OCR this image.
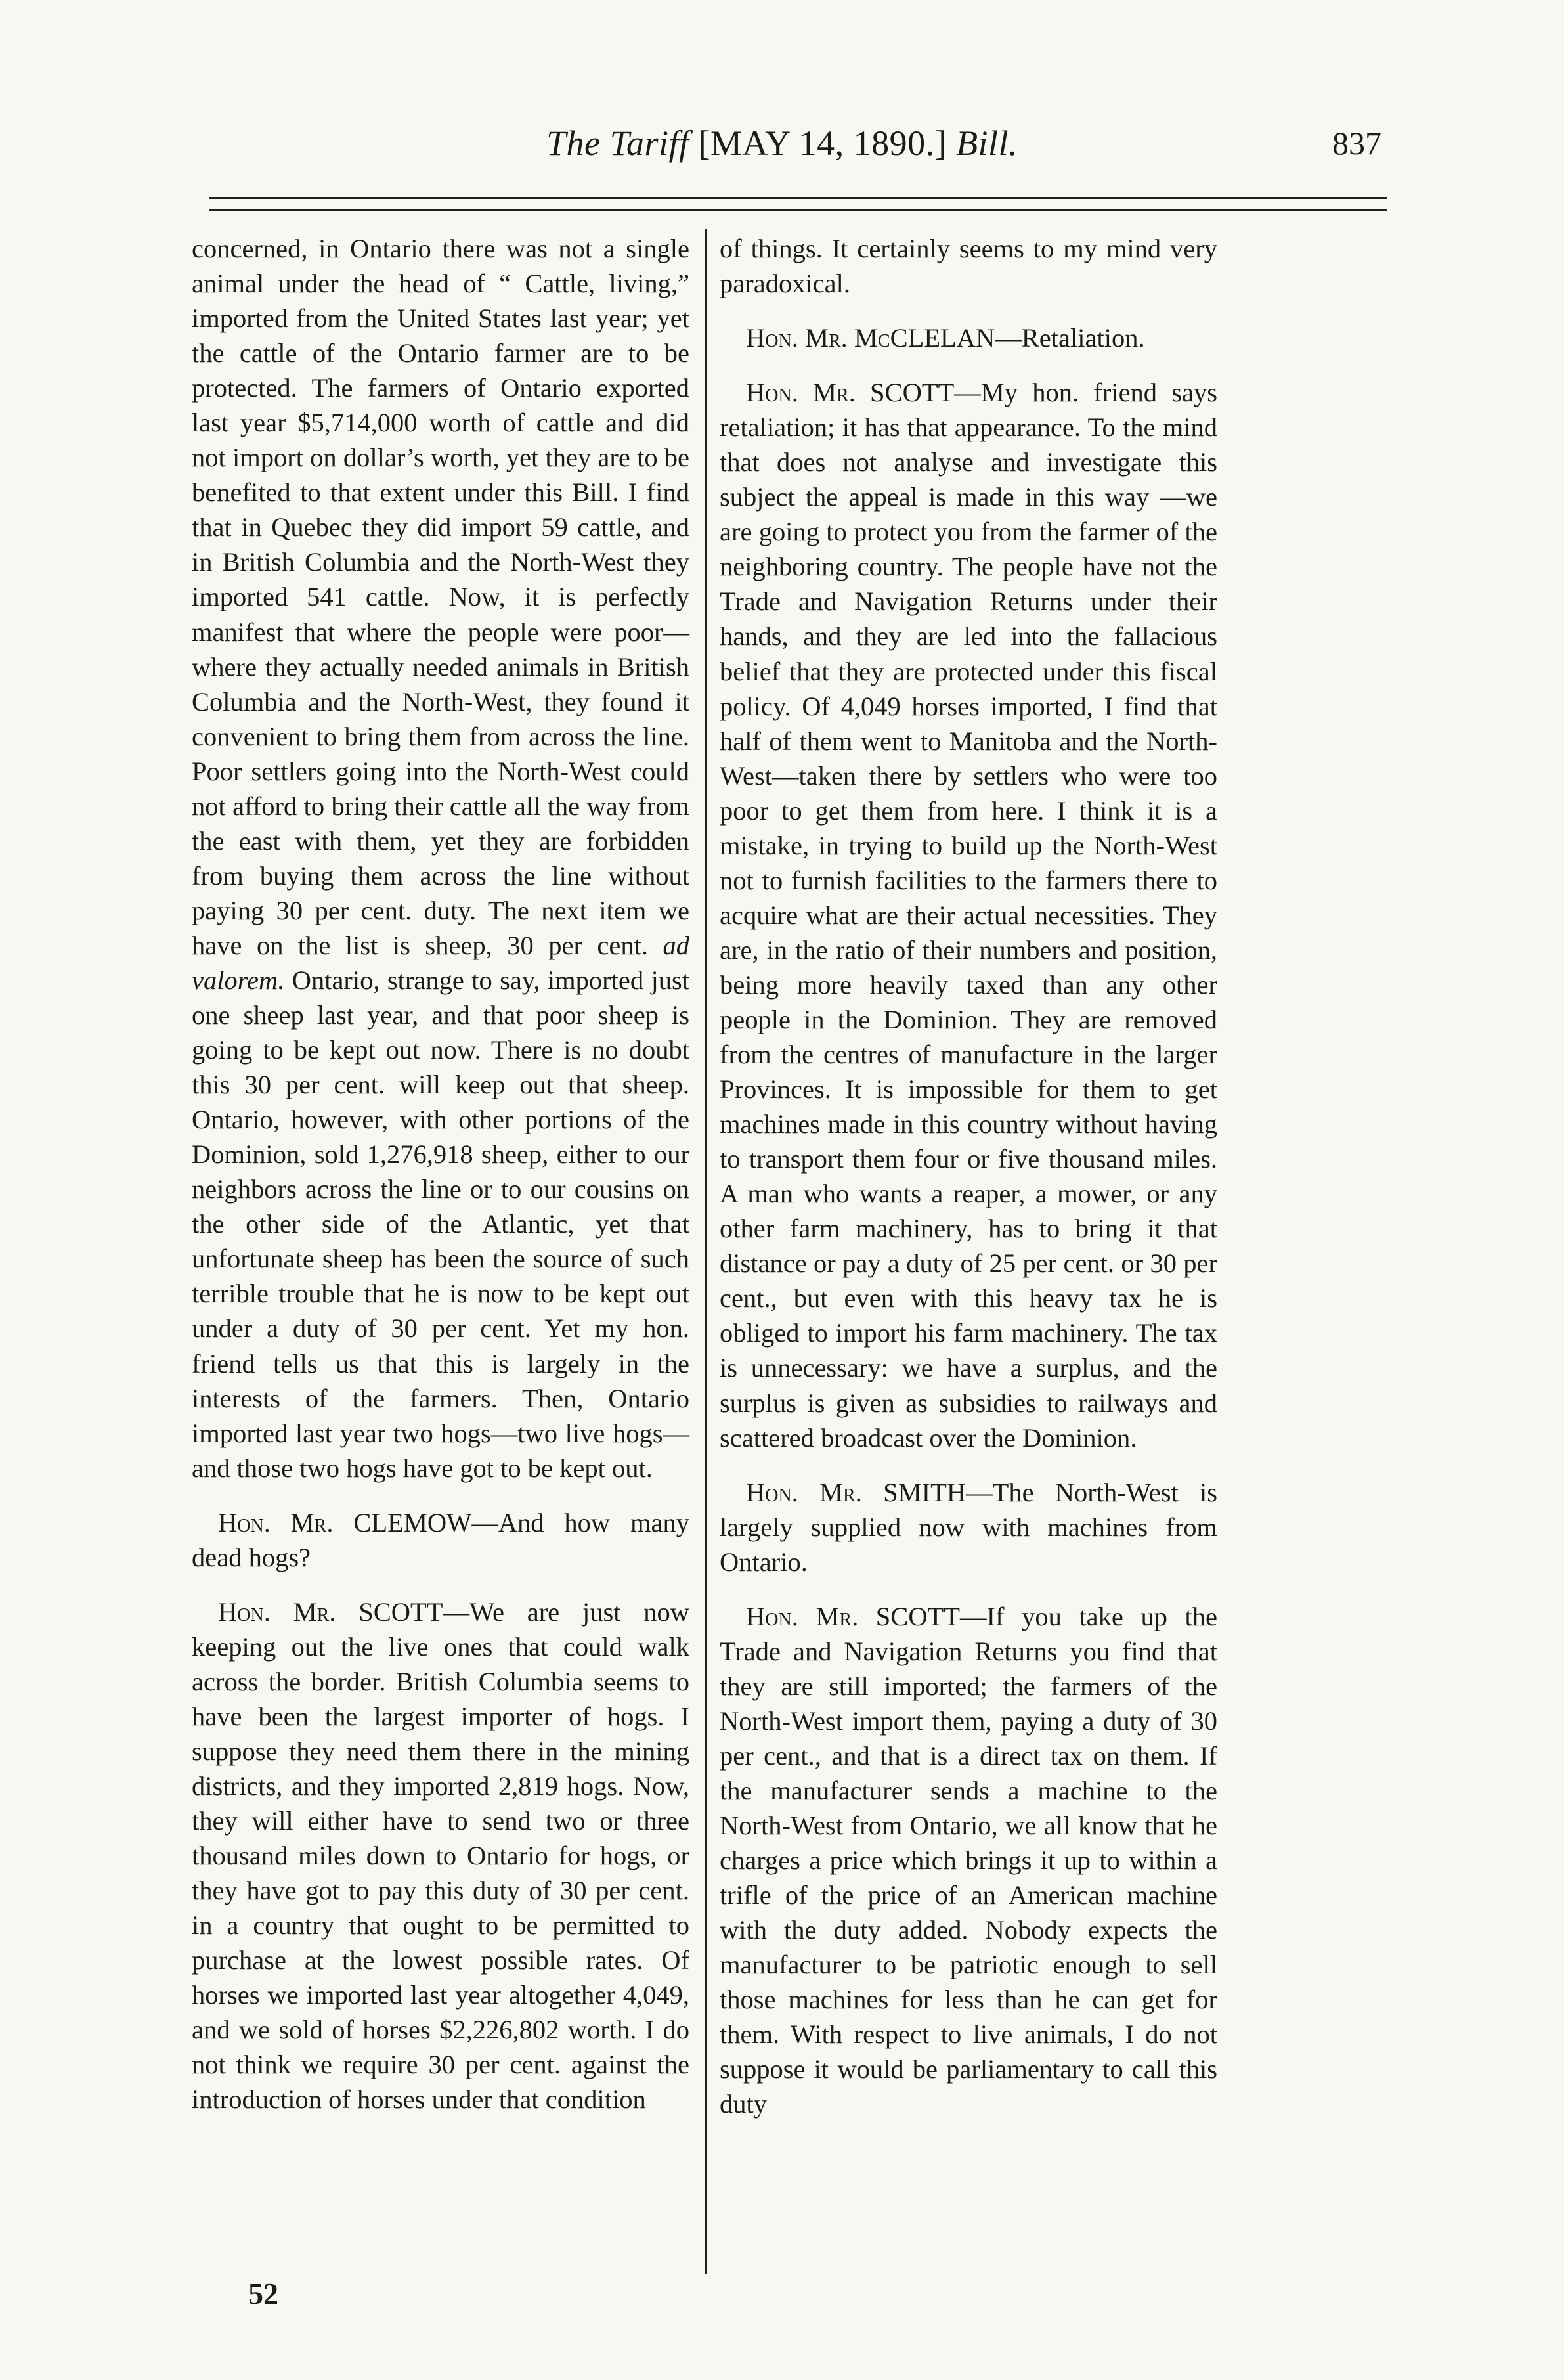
The Tariff [MAY 14, 1890.] Bill.	837

concerned, in Ontario there was not a single animal under the head of “ Cattle, living,” imported from the United States last year; yet the cattle of the Ontario farmer are to be protected. The farmers of Ontario exported last year $5,714,000 worth of cattle and did not import on dollar’s worth, yet they are to be benefited to that extent under this Bill. I find that in Quebec they did import 59 cattle, and in British Columbia and the North-West they imported 541 cattle. Now, it is perfectly manifest that where the people were poor—where they actually needed animals in British Columbia and the North-West, they found it convenient to bring them from across the line. Poor settlers going into the North-West could not afford to bring their cattle all the way from the east with them, yet they are forbidden from buying them across the line without paying 30 per cent. duty. The next item we have on the list is sheep, 30 per cent. ad valorem. Ontario, strange to say, imported just one sheep last year, and that poor sheep is going to be kept out now. There is no doubt this 30 per cent. will keep out that sheep. Ontario, however, with other portions of the Dominion, sold 1,276,918 sheep, either to our neighbors across the line or to our cousins on the other side of the Atlantic, yet that unfortunate sheep has been the source of such terrible trouble that he is now to be kept out under a duty of 30 per cent. Yet my hon. friend tells us that this is largely in the interests of the farmers. Then, Ontario imported last year two hogs—two live hogs—and those two hogs have got to be kept out.

Hon. Mr. CLEMOW—And how many dead hogs?

Hon. Mr. SCOTT—We are just now keeping out the live ones that could walk across the border. British Columbia seems to have been the largest importer of hogs. I suppose they need them there in the mining districts, and they imported 2,819 hogs. Now, they will either have to send two or three thousand miles down to Ontario for hogs, or they have got to pay this duty of 30 per cent. in a country that ought to be permitted to purchase at the lowest possible rates. Of horses we imported last year altogether 4,049, and we sold of horses $2,226,802 worth. I do not think we require 30 per cent. against the introduction of horses under that condition

of things. It certainly seems to my mind very paradoxical.

Hon. Mr. McCLELAN—Retaliation.

Hon. Mr. SCOTT—My hon. friend says retaliation; it has that appearance. To the mind that does not analyse and investigate this subject the appeal is made in this way —we are going to protect you from the farmer of the neighboring country. The people have not the Trade and Navigation Returns under their hands, and they are led into the fallacious belief that they are protected under this fiscal policy. Of 4,049 horses imported, I find that half of them went to Manitoba and the North-West—taken there by settlers who were too poor to get them from here. I think it is a mistake, in trying to build up the North-West not to furnish facilities to the farmers there to acquire what are their actual necessities. They are, in the ratio of their numbers and position, being more heavily taxed than any other people in the Dominion. They are removed from the centres of manufacture in the larger Provinces. It is impossible for them to get machines made in this country without having to transport them four or five thousand miles. A man who wants a reaper, a mower, or any other farm machinery, has to bring it that distance or pay a duty of 25 per cent. or 30 per cent., but even with this heavy tax he is obliged to import his farm machinery. The tax is unnecessary: we have a surplus, and the surplus is given as subsidies to railways and scattered broadcast over the Dominion.

Hon. Mr. SMITH—The North-West is largely supplied now with machines from Ontario.

Hon. Mr. SCOTT—If you take up the Trade and Navigation Returns you find that they are still imported; the farmers of the North-West import them, paying a duty of 30 per cent., and that is a direct tax on them. If the manufacturer sends a machine to the North-West from Ontario, we all know that he charges a price which brings it up to within a trifle of the price of an American machine with the duty added. Nobody expects the manufacturer to be patriotic enough to sell those machines for less than he can get for them. With respect to live animals, I do not suppose it would be parliamentary to call this duty

52
